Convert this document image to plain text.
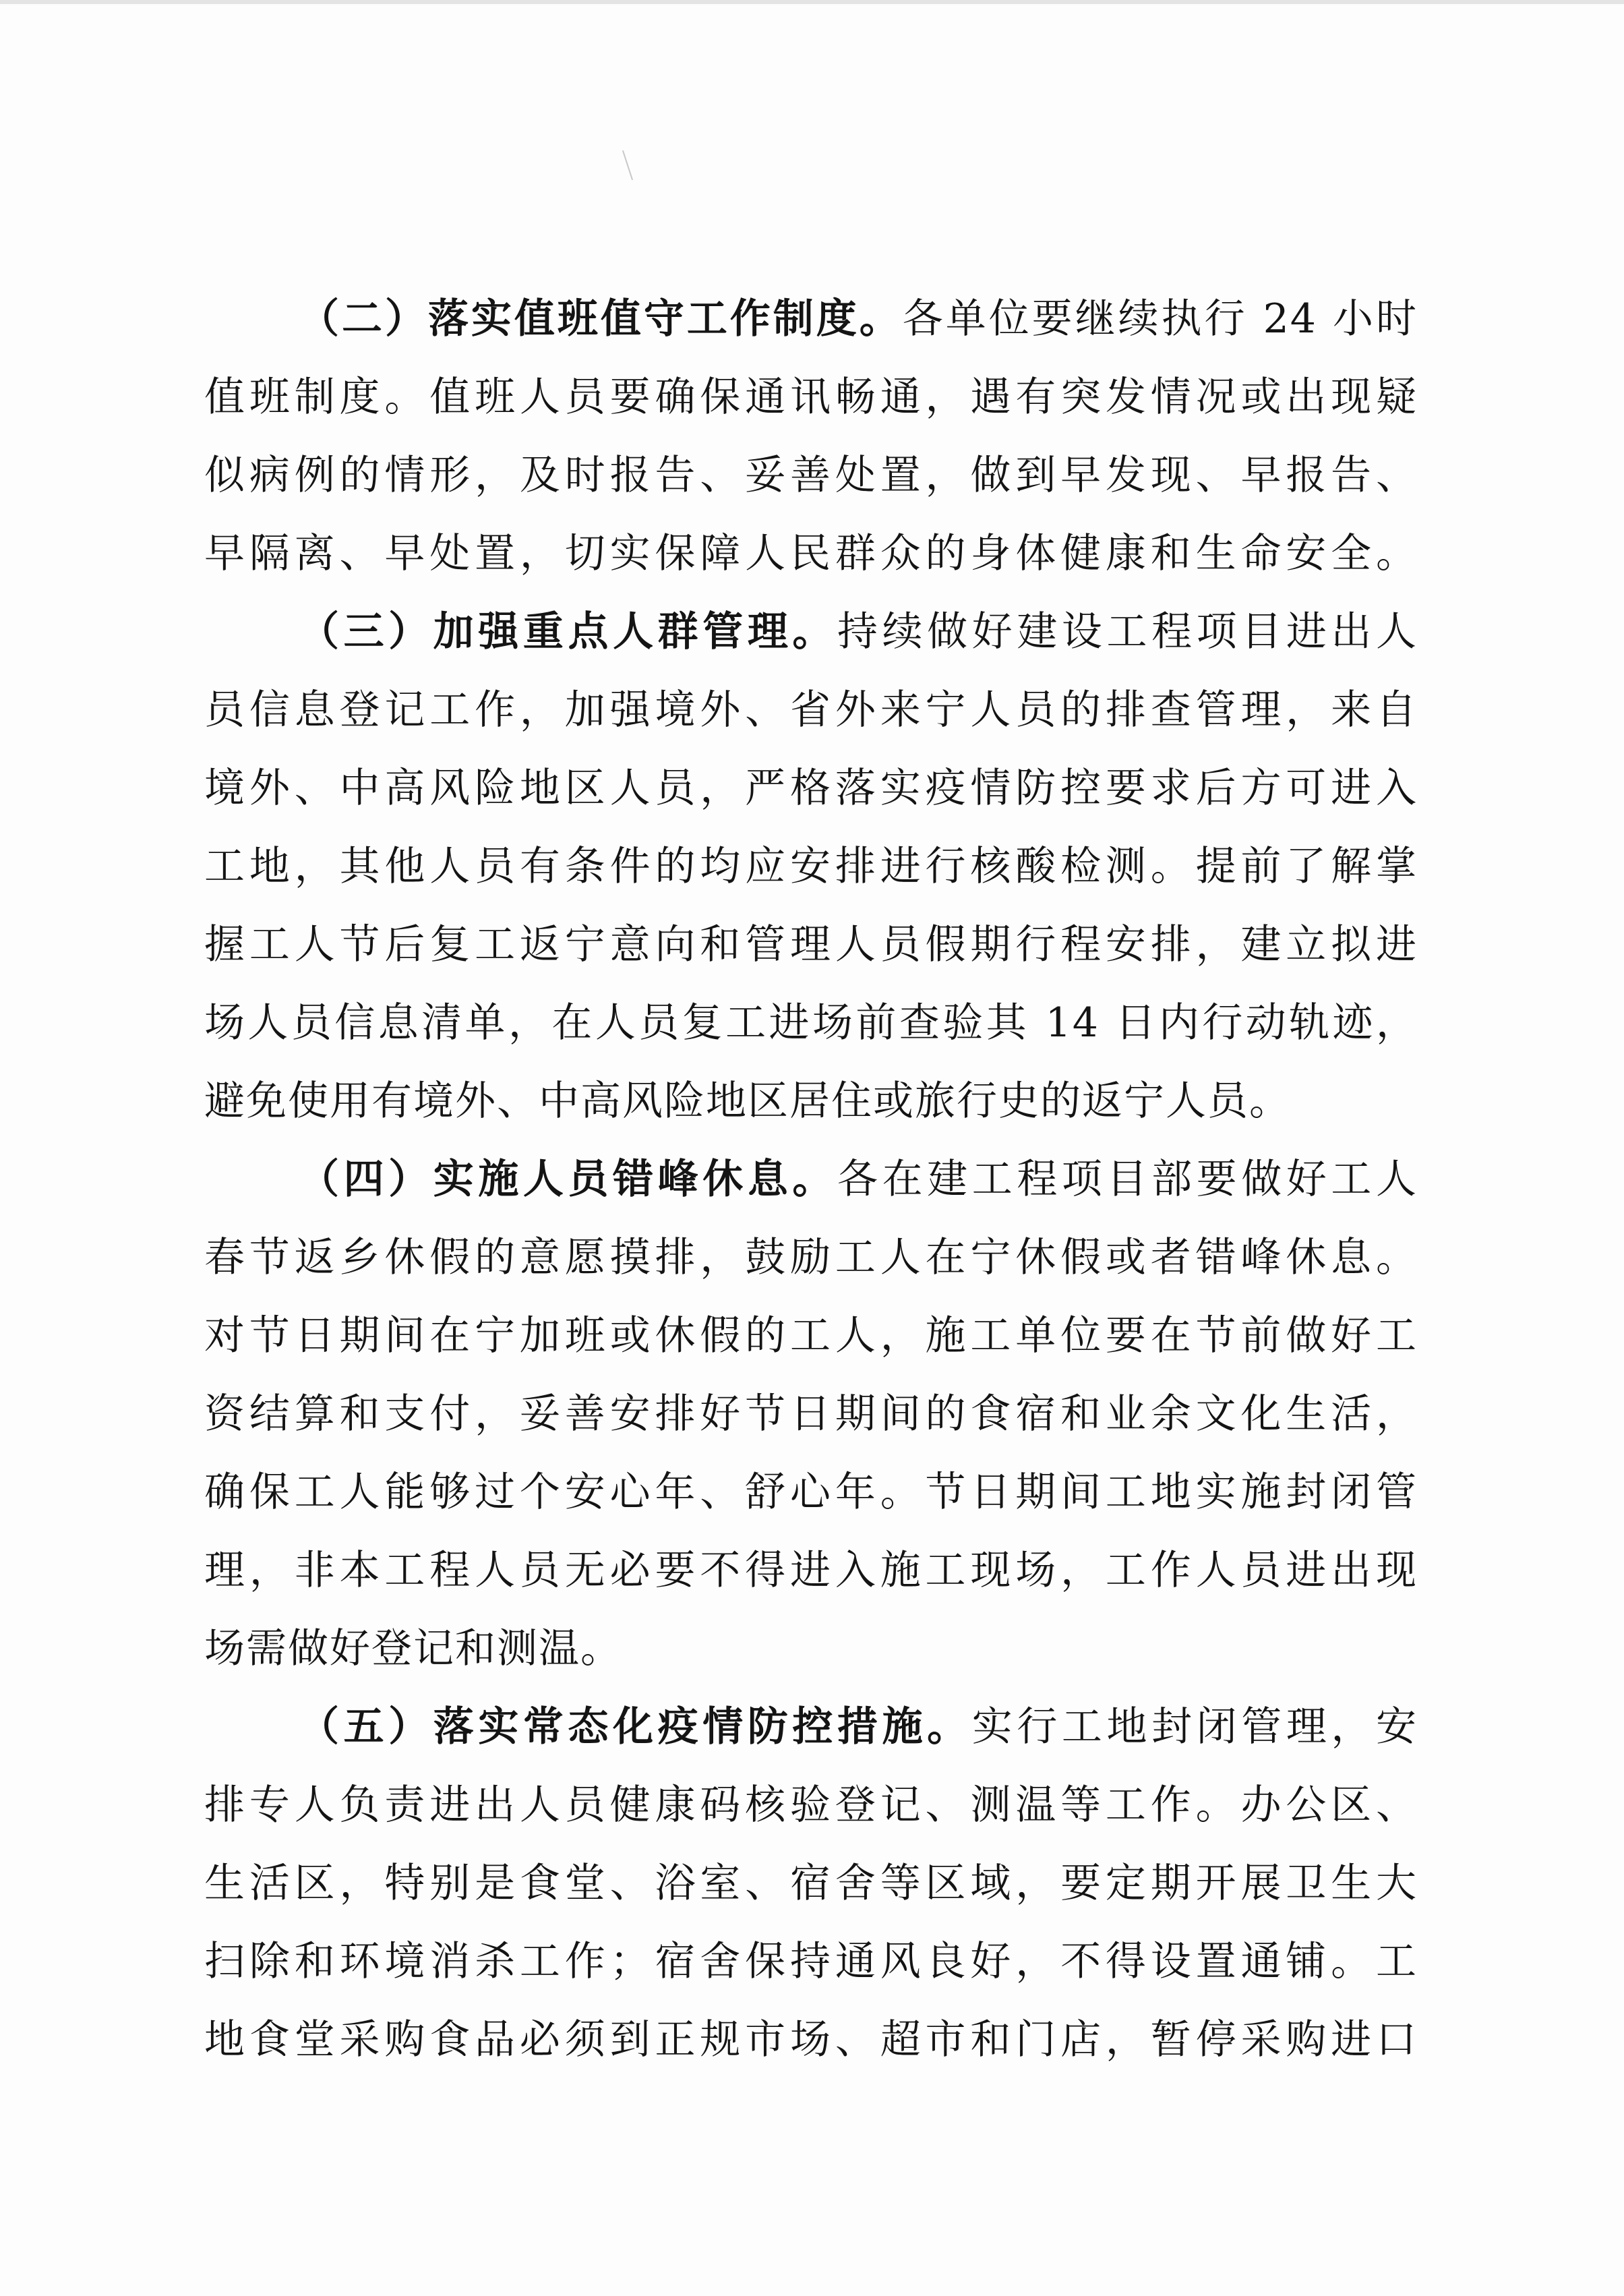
（二）落实值班值守工作制度。各单位要继续执行 24 小时
值班制度。值班人员要确保通讯畅通，遇有突发情况或出现疑
似病例的情形，及时报告、妥善处置，做到早发现、早报告、
早隔离、早处置，切实保障人民群众的身体健康和生命安全。
（三）加强重点人群管理。持续做好建设工程项目进出人
员信息登记工作，加强境外、省外来宁人员的排查管理，来自
境外、中高风险地区人员，严格落实疫情防控要求后方可进入
工地，其他人员有条件的均应安排进行核酸检测。提前了解掌
握工人节后复工返宁意向和管理人员假期行程安排，建立拟进
场人员信息清单，在人员复工进场前查验其 14 日内行动轨迹，
避免使用有境外、中高风险地区居住或旅行史的返宁人员。
（四）实施人员错峰休息。各在建工程项目部要做好工人
春节返乡休假的意愿摸排，鼓励工人在宁休假或者错峰休息。
对节日期间在宁加班或休假的工人，施工单位要在节前做好工
资结算和支付，妥善安排好节日期间的食宿和业余文化生活，
确保工人能够过个安心年、舒心年。节日期间工地实施封闭管
理，非本工程人员无必要不得进入施工现场，工作人员进出现
场需做好登记和测温。
（五）落实常态化疫情防控措施。实行工地封闭管理，安
排专人负责进出人员健康码核验登记、测温等工作。办公区、
生活区，特别是食堂、浴室、宿舍等区域，要定期开展卫生大
扫除和环境消杀工作；宿舍保持通风良好，不得设置通铺。工
地食堂采购食品必须到正规市场、超市和门店，暂停采购进口
